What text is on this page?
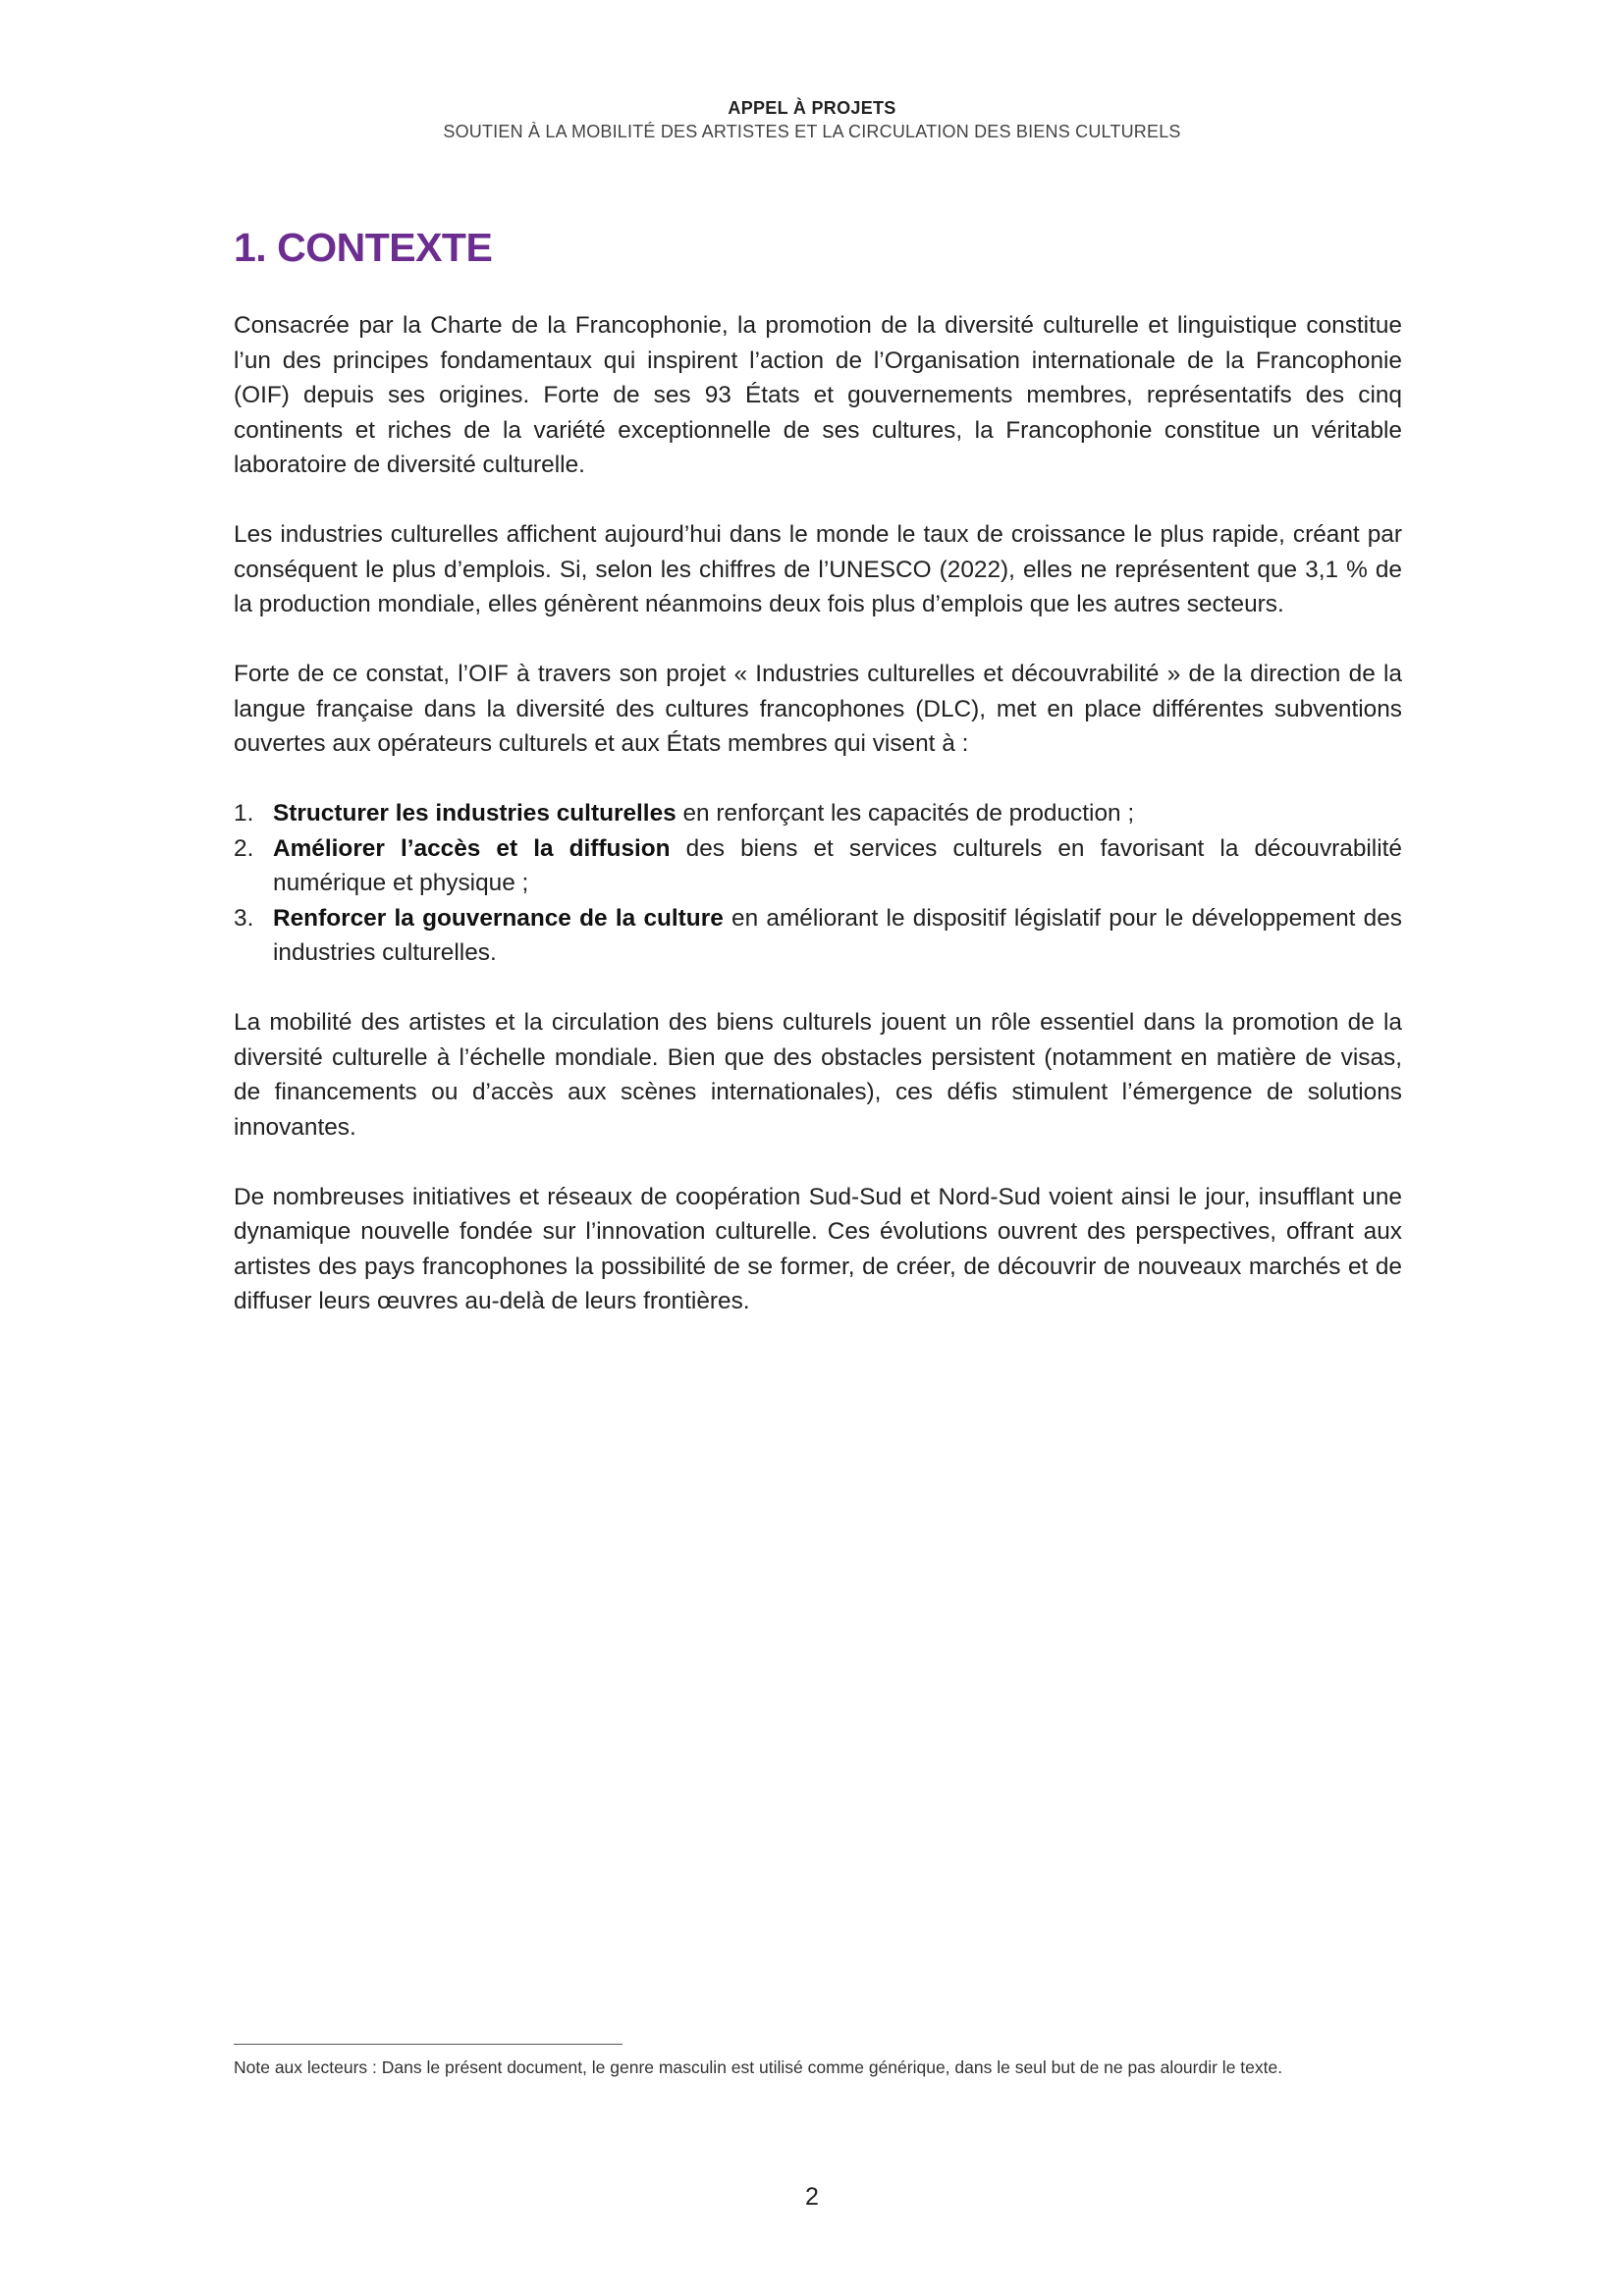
APPEL À PROJETS
SOUTIEN À LA MOBILITÉ DES ARTISTES ET LA CIRCULATION DES BIENS CULTURELS
1. CONTEXTE

Consacrée par la Charte de la Francophonie, la promotion de la diversité culturelle et linguistique constitue l’un des principes fondamentaux qui inspirent l’action de l’Organisation internationale de la Francophonie (OIF) depuis ses origines. Forte de ses 93 États et gouvernements membres, représentatifs des cinq continents et riches de la variété exceptionnelle de ses cultures, la Francophonie constitue un véritable laboratoire de diversité culturelle.

Les industries culturelles affichent aujourd’hui dans le monde le taux de croissance le plus rapide, créant par conséquent le plus d’emplois. Si, selon les chiffres de l’UNESCO (2022), elles ne représentent que 3,1 % de la production mondiale, elles génèrent néanmoins deux fois plus d’emplois que les autres secteurs.

Forte de ce constat, l’OIF à travers son projet « Industries culturelles et découvrabilité » de la direction de la langue française dans la diversité des cultures francophones (DLC), met en place différentes subventions ouvertes aux opérateurs culturels et aux États membres qui visent à :

1. Structurer les industries culturelles en renforçant les capacités de production ;
2. Améliorer l’accès et la diffusion des biens et services culturels en favorisant la découvrabilité numérique et physique ;
3. Renforcer la gouvernance de la culture en améliorant le dispositif législatif pour le développement des industries culturelles.

La mobilité des artistes et la circulation des biens culturels jouent un rôle essentiel dans la promotion de la diversité culturelle à l’échelle mondiale. Bien que des obstacles persistent (notamment en matière de visas, de financements ou d’accès aux scènes internationales), ces défis stimulent l’émergence de solutions innovantes.

De nombreuses initiatives et réseaux de coopération Sud-Sud et Nord-Sud voient ainsi le jour, insufflant une dynamique nouvelle fondée sur l’innovation culturelle. Ces évolutions ouvrent des perspectives, offrant aux artistes des pays francophones la possibilité de se former, de créer, de découvrir de nouveaux marchés et de diffuser leurs œuvres au-delà de leurs frontières.

Note aux lecteurs : Dans le présent document, le genre masculin est utilisé comme générique, dans le seul but de ne pas alourdir le texte.
2
